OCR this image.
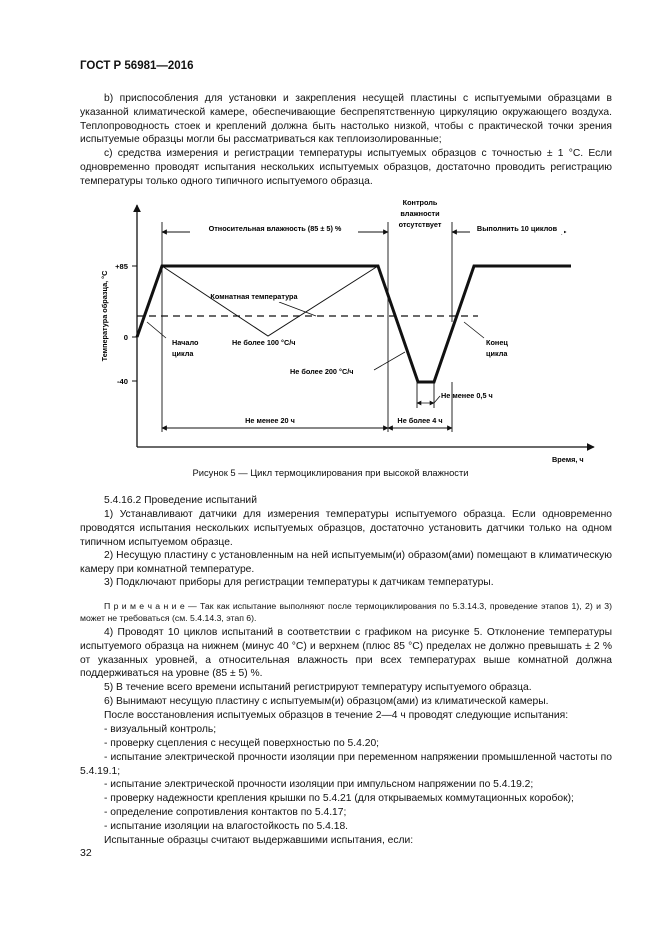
ГОСТ Р 56981—2016

b) приспособления для установки и закрепления несущей пластины с испытуемыми образцами в указанной климатической камере, обеспечивающие беспрепятственную циркуляцию окружающего воздуха. Теплопроводность стоек и креплений должна быть настолько низкой, чтобы с практической точки зрения испытуемые образцы могли бы рассматриваться как теплоизолированные;

c) средства измерения и регистрации температуры испытуемых образцов с точностью ± 1 °С. Если одновременно проводят испытания нескольких испытуемых образцов, достаточно проводить регистрацию температуры только одного типичного испытуемого образца.

+85
0
-40
Температура образца, °С
Время, ч
Относительная влажность (85 ± 5) %	Выполнить 10 циклов
Контроль
влажности
отсутствует
Комнатная температура
Не более 100 °С/ч
Начало
цикла
Конец
цикла
Не более 200 °С/ч
Не менее 0,5 ч
Не менее 20 ч	Не более 4 ч
Рисунок 5 — Цикл термоциклирования при высокой влажности

5.4.16.2 Проведение испытаний

1) Устанавливают датчики для измерения температуры испытуемого образца. Если одновременно проводятся испытания нескольких испытуемых образцов, достаточно установить датчики только на одном типичном испытуемом образце.

2) Несущую пластину с установленным на ней испытуемым(и) образом(ами) помещают в климатическую камеру при комнатной температуре.

3) Подключают приборы для регистрации температуры к датчикам температуры.

П р и м е ч а н и е — Так как испытание выполняют после термоциклирования по 5.3.14.3, проведение этапов 1), 2) и 3) может не требоваться (см. 5.4.14.3, этап 6).

4) Проводят 10 циклов испытаний в соответствии с графиком на рисунке 5. Отклонение температуры испытуемого образца на нижнем (минус 40 °С) и верхнем (плюс 85 °С) пределах не должно превышать ± 2 % от указанных уровней, а относительная влажность при всех температурах выше комнатной должна поддерживаться на уровне (85 ± 5) %.

5) В течение всего времени испытаний регистрируют температуру испытуемого образца.

6) Вынимают несущую пластину с испытуемым(и) образцом(ами) из климатической камеры.

После восстановления испытуемых образцов в течение 2—4 ч проводят следующие испытания:

- визуальный контроль;

- проверку сцепления с несущей поверхностью по 5.4.20;

- испытание электрической прочности изоляции при переменном напряжении промышленной частоты по 5.4.19.1;

- испытание электрической прочности изоляции при импульсном напряжении по 5.4.19.2;

- проверку надежности крепления крышки по 5.4.21 (для открываемых коммутационных коробок);

- определение сопротивления контактов по 5.4.17;

- испытание изоляции на влагостойкость по 5.4.18.

Испытанные образцы считают выдержавшими испытания, если:

32
